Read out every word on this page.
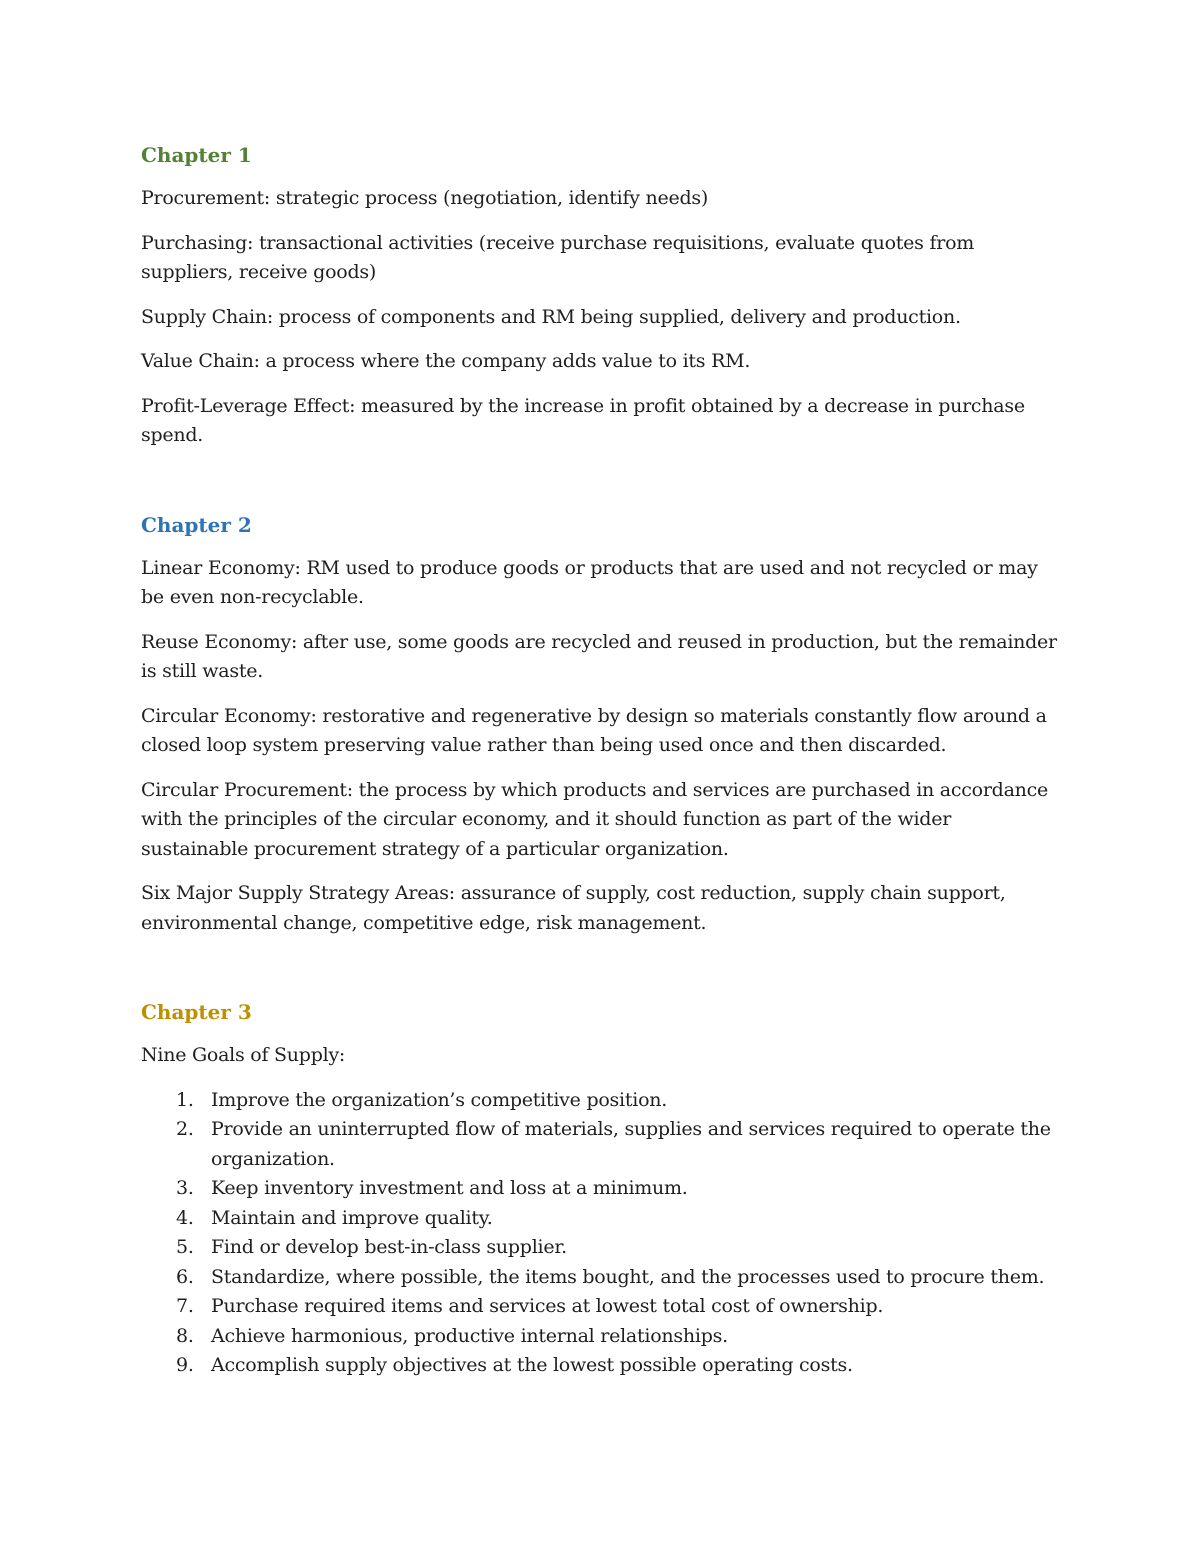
Chapter 1

Procurement: strategic process (negotiation, identify needs)

Purchasing: transactional activities (receive purchase requisitions, evaluate quotes from suppliers, receive goods)

Supply Chain: process of components and RM being supplied, delivery and production.

Value Chain: a process where the company adds value to its RM.

Profit-Leverage Effect: measured by the increase in profit obtained by a decrease in purchase spend.

Chapter 2

Linear Economy: RM used to produce goods or products that are used and not recycled or may be even non-recyclable.

Reuse Economy: after use, some goods are recycled and reused in production, but the remainder is still waste.

Circular Economy: restorative and regenerative by design so materials constantly flow around a closed loop system preserving value rather than being used once and then discarded.

Circular Procurement: the process by which products and services are purchased in accordance with the principles of the circular economy, and it should function as part of the wider sustainable procurement strategy of a particular organization.

Six Major Supply Strategy Areas: assurance of supply, cost reduction, supply chain support, environmental change, competitive edge, risk management.

Chapter 3

Nine Goals of Supply:

1. Improve the organization’s competitive position.
2. Provide an uninterrupted flow of materials, supplies and services required to operate the organization.
3. Keep inventory investment and loss at a minimum.
4. Maintain and improve quality.
5. Find or develop best-in-class supplier.
6. Standardize, where possible, the items bought, and the processes used to procure them.
7. Purchase required items and services at lowest total cost of ownership.
8. Achieve harmonious, productive internal relationships.
9. Accomplish supply objectives at the lowest possible operating costs.
